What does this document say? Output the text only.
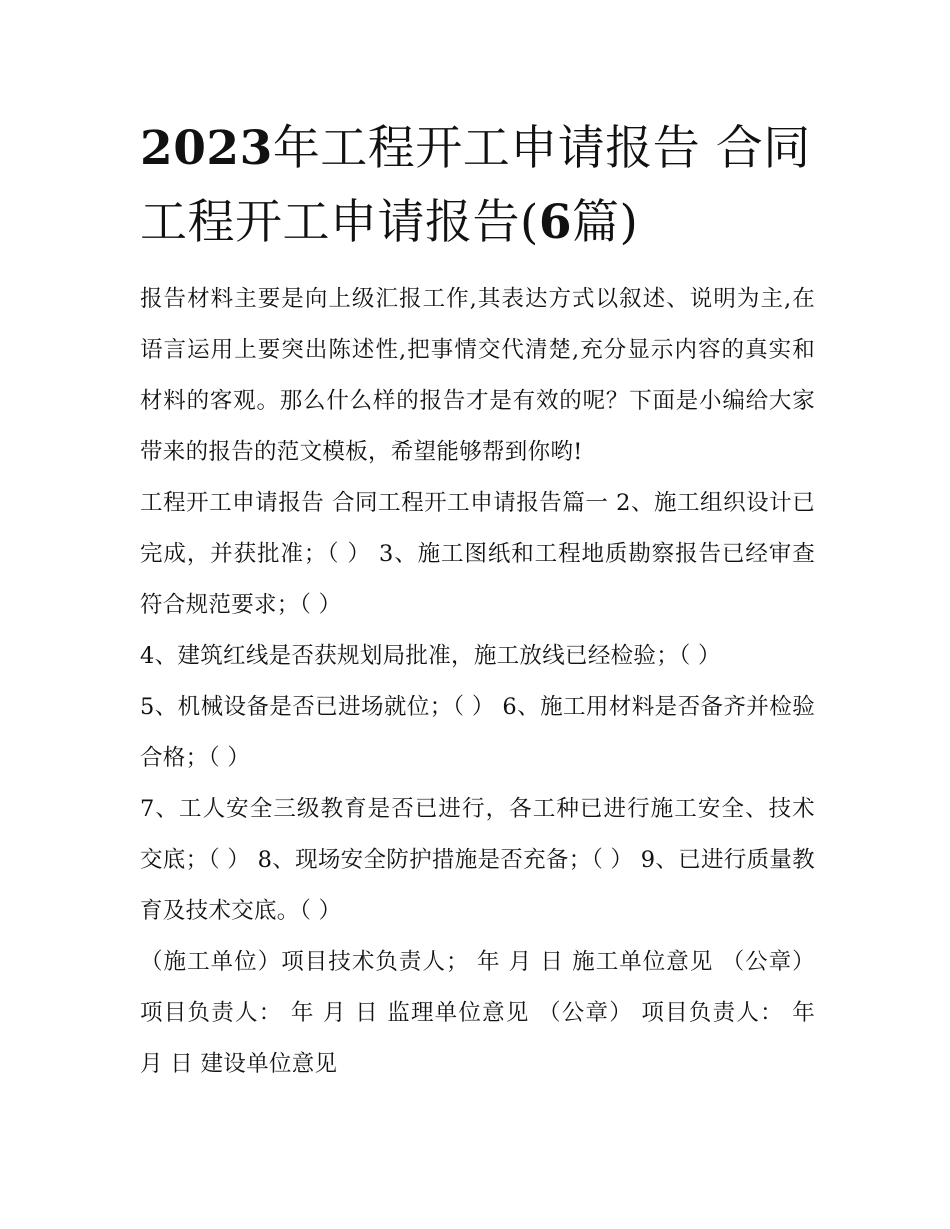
2023年工程开工申请报告 合同工程开工申请报告(6篇)

报告材料主要是向上级汇报工作,其表达方式以叙述、说明为主,在语言运用上要突出陈述性,把事情交代清楚,充分显示内容的真实和材料的客观。那么什么样的报告才是有效的呢？下面是小编给大家带来的报告的范文模板，希望能够帮到你哟!

工程开工申请报告 合同工程开工申请报告篇一 2、施工组织设计已完成，并获批准；（ ） 3、施工图纸和工程地质勘察报告已经审查符合规范要求；（ ）

4、建筑红线是否获规划局批准，施工放线已经检验；（ ）

5、机械设备是否已进场就位；（ ） 6、施工用材料是否备齐并检验合格；（ ）

7、工人安全三级教育是否已进行，各工种已进行施工安全、技术交底；（ ） 8、现场安全防护措施是否充备；（ ） 9、已进行质量教育及技术交底。（ ）

（施工单位）项目技术负责人； 年 月 日 施工单位意见 （公章） 项目负责人： 年 月 日 监理单位意见 （公章） 项目负责人： 年 月 日 建设单位意见
